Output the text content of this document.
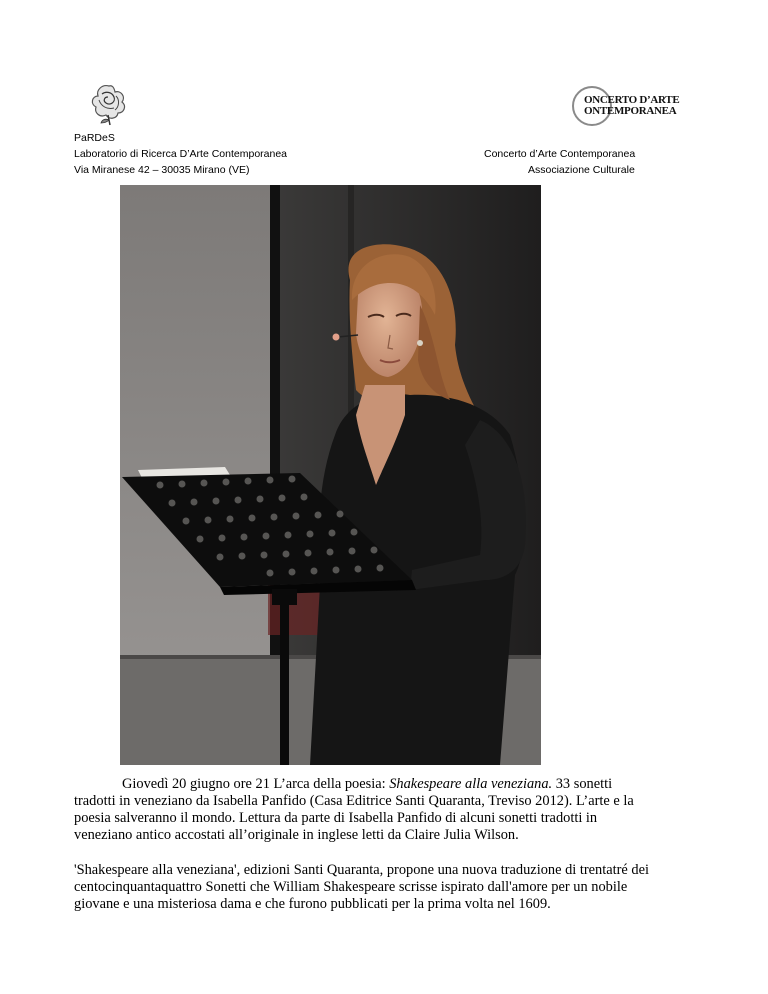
ONCERTO D’ARTE
ONTEMPORANEA
PaRDeS
Laboratorio di Ricerca D’Arte Contemporanea
Via Miranese 42 – 30035 Mirano (VE)
Concerto d’Arte Contemporanea
Associazione Culturale
Giovedì 20 giugno ore 21 L’arca della poesia: Shakespeare alla veneziana. 33 sonetti
tradotti in veneziano da Isabella Panfido (Casa Editrice Santi Quaranta, Treviso 2012). L’arte e la
poesia salveranno il mondo. Lettura da parte di Isabella Panfido di alcuni sonetti tradotti in
veneziano antico accostati all’originale in inglese letti da Claire Julia Wilson.
'Shakespeare alla veneziana', edizioni Santi Quaranta, propone una nuova traduzione di trentatré dei
centocinquantaquattro Sonetti che William Shakespeare scrisse ispirato dall'amore per un nobile
giovane e una misteriosa dama e che furono pubblicati per la prima volta nel 1609.
